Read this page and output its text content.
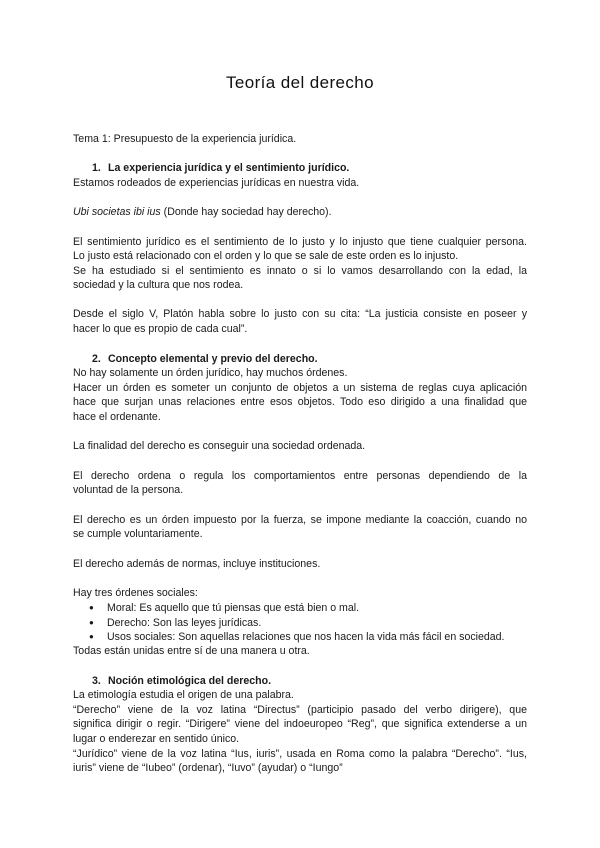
Teoría del derecho
Tema 1: Presupuesto de la experiencia jurídica.
1. La experiencia jurídica y el sentimiento jurídico.
Estamos rodeados de experiencias jurídicas en nuestra vida.
Ubi societas ibi ius (Donde hay sociedad hay derecho).
El sentimiento jurídico es el sentimiento de lo justo y lo injusto que tiene cualquier persona.
Lo justo está relacionado con el orden y lo que se sale de este orden es lo injusto.
Se ha estudiado si el sentimiento es innato o si lo vamos desarrollando con la edad, la
sociedad y la cultura que nos rodea.
Desde el siglo V, Platón habla sobre lo justo con su cita: “La justicia consiste en poseer y
hacer lo que es propio de cada cual”.
2. Concepto elemental y previo del derecho.
No hay solamente un órden jurídico, hay muchos órdenes.
Hacer un órden es someter un conjunto de objetos a un sistema de reglas cuya aplicación
hace que surjan unas relaciones entre esos objetos. Todo eso dirigido a una finalidad que
hace el ordenante.
La finalidad del derecho es conseguir una sociedad ordenada.
El derecho ordena o regula los comportamientos entre personas dependiendo de la
voluntad de la persona.
El derecho es un órden impuesto por la fuerza, se impone mediante la coacción, cuando no
se cumple voluntariamente.
El derecho además de normas, incluye instituciones.
Hay tres órdenes sociales:
● Moral: Es aquello que tú piensas que está bien o mal.
● Derecho: Son las leyes jurídicas.
● Usos sociales: Son aquellas relaciones que nos hacen la vida más fácil en sociedad.
Todas están unidas entre sí de una manera u otra.
3. Noción etimológica del derecho.
La etimología estudia el origen de una palabra.
“Derecho” viene de la voz latina “Directus” (participio pasado del verbo dirigere), que
significa dirigir o regir. “Dirigere” viene del indoeuropeo “Reg”, que significa extenderse a un
lugar o enderezar en sentido único.
“Jurídico” viene de la voz latina “Ius, iuris”, usada en Roma como la palabra “Derecho”. “Ius,
iuris” viene de “Iubeo” (ordenar), “Iuvo” (ayudar) o “Iungo”
